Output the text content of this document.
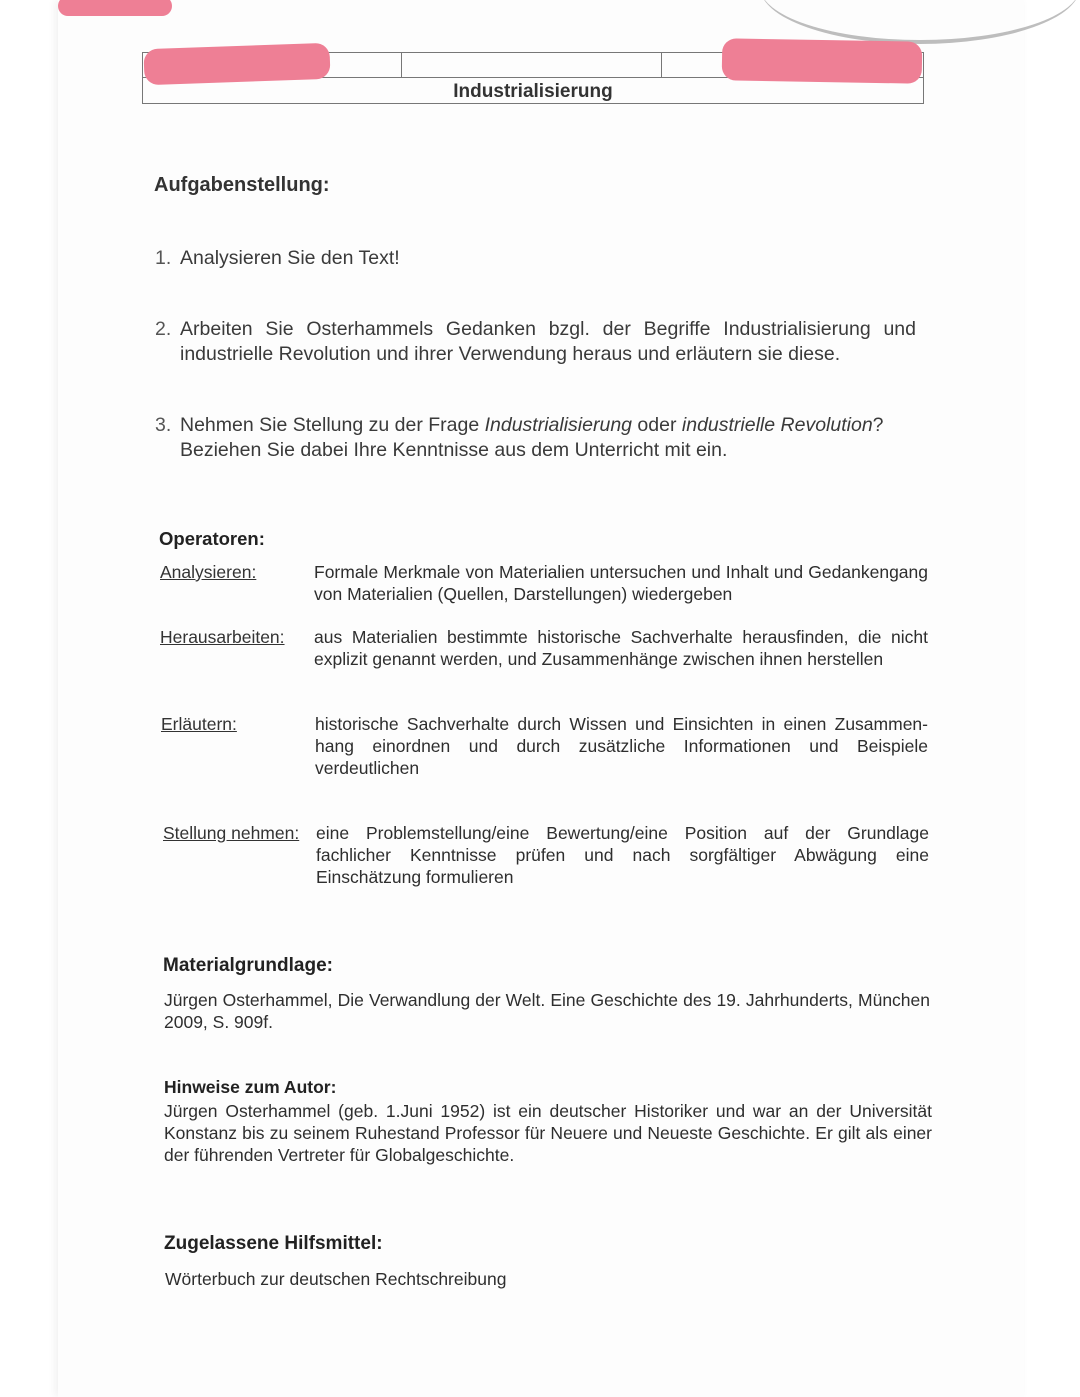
Industrialisierung
Aufgabenstellung:
1. Analysieren Sie den Text!
2. Arbeiten Sie Osterhammels Gedanken bzgl. der Begriffe Industrialisierung und industrielle Revolution und ihrer Verwendung heraus und erläutern sie diese.
3. Nehmen Sie Stellung zu der Frage Industrialisierung oder industrielle Revolution? Beziehen Sie dabei Ihre Kenntnisse aus dem Unterricht mit ein.
Operatoren:
Analysieren:	Formale Merkmale von Materialien untersuchen und Inhalt und Gedankengang von Materialien (Quellen, Darstellungen) wiedergeben
Herausarbeiten: aus Materialien bestimmte historische Sachverhalte herausfinden, die nicht explizit genannt werden, und Zusammenhänge zwischen ihnen herstellen
Erläutern:	historische Sachverhalte durch Wissen und Einsichten in einen Zusammen-hang einordnen und durch zusätzliche Informationen und Beispiele verdeutlichen
Stellung nehmen: eine Problemstellung/eine Bewertung/eine Position auf der Grundlage fachlicher Kenntnisse prüfen und nach sorgfältiger Abwägung eine Einschätzung formulieren
Materialgrundlage:
Jürgen Osterhammel, Die Verwandlung der Welt. Eine Geschichte des 19. Jahrhunderts, München 2009, S. 909f.
Hinweise zum Autor:
Jürgen Osterhammel (geb. 1.Juni 1952) ist ein deutscher Historiker und war an der Universität Konstanz bis zu seinem Ruhestand Professor für Neuere und Neueste Geschichte. Er gilt als einer der führenden Vertreter für Globalgeschichte.
Zugelassene Hilfsmittel:
Wörterbuch zur deutschen Rechtschreibung
